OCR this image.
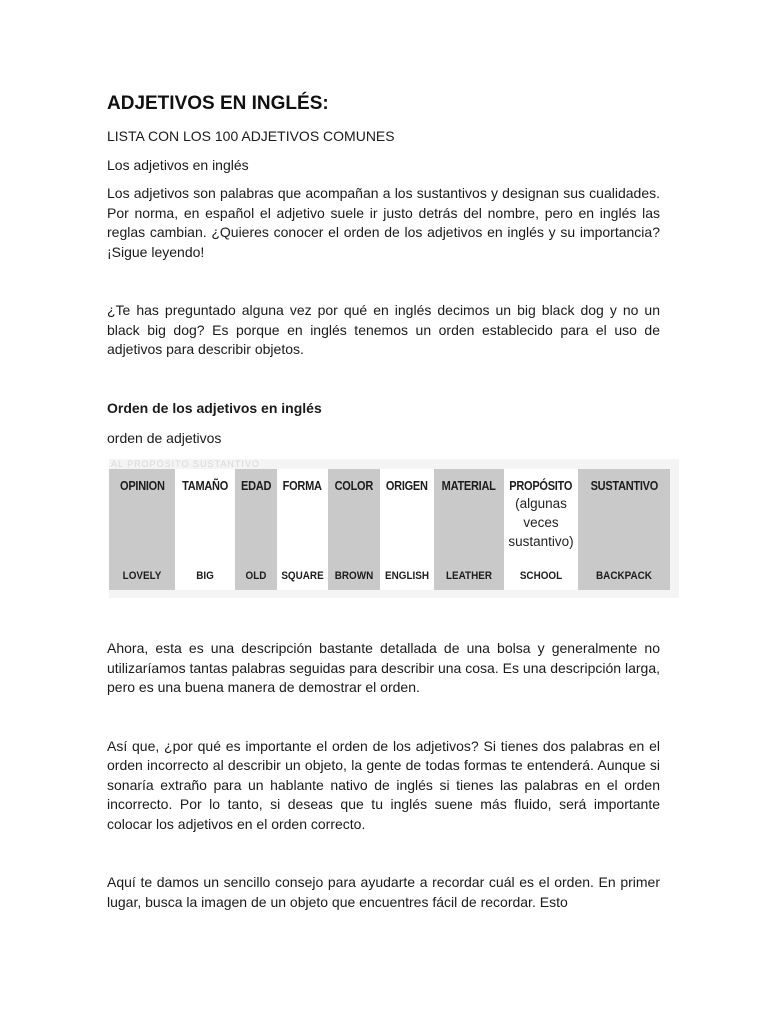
ADJETIVOS EN INGLÉS:

LISTA CON LOS 100 ADJETIVOS COMUNES

Los adjetivos en inglés

Los adjetivos son palabras que acompañan a los sustantivos y designan sus cualidades. Por norma, en español el adjetivo suele ir justo detrás del nombre, pero en inglés las reglas cambian. ¿Quieres conocer el orden de los adjetivos en inglés y su importancia? ¡Sigue leyendo!

¿Te has preguntado alguna vez por qué en inglés decimos un big black dog y no un black big dog? Es porque en inglés tenemos un orden establecido para el uso de adjetivos para describir objetos.

Orden de los adjetivos en inglés

orden de adjetivos

AL PROPÓSITO SUSTANTIVO
OPINION
LOVELY
TAMAÑO
BIG
EDAD
OLD
FORMA
SQUARE
COLOR
BROWN
ORIGEN
ENGLISH
MATERIAL
LEATHER
PROPÓSITO
(algunas
veces
sustantivo)
SCHOOL
SUSTANTIVO
BACKPACK

Ahora, esta es una descripción bastante detallada de una bolsa y generalmente no utilizaríamos tantas palabras seguidas para describir una cosa. Es una descripción larga, pero es una buena manera de demostrar el orden.

Así que, ¿por qué es importante el orden de los adjetivos? Si tienes dos palabras en el orden incorrecto al describir un objeto, la gente de todas formas te entenderá. Aunque si sonaría extraño para un hablante nativo de inglés si tienes las palabras en el orden incorrecto. Por lo tanto, si deseas que tu inglés suene más fluido, será importante colocar los adjetivos en el orden correcto.

Aquí te damos un sencillo consejo para ayudarte a recordar cuál es el orden. En primer lugar, busca la imagen de un objeto que encuentres fácil de recordar. Esto
